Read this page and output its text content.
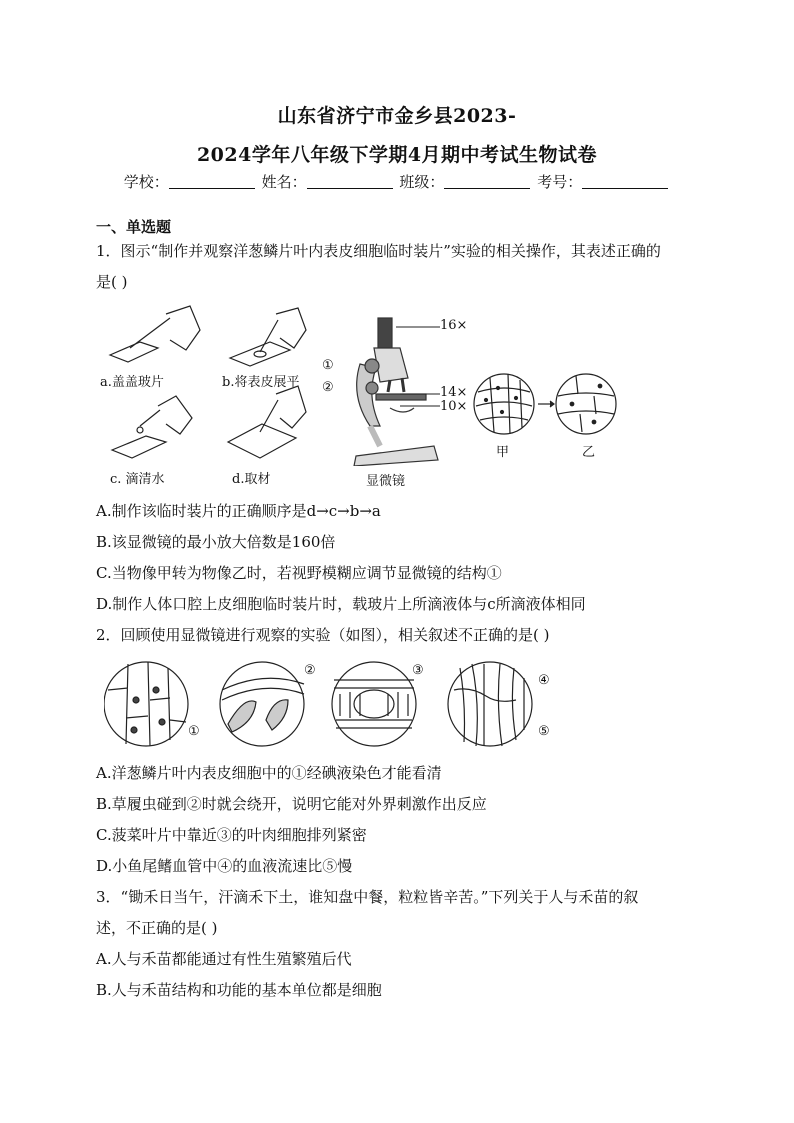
山东省济宁市金乡县2023-
2024学年八年级下学期4月期中考试生物试卷
学校：	姓名：	班级：	考号：
一、单选题
1．图示“制作并观察洋葱鳞片叶内表皮细胞临时装片”实验的相关操作，其表述正确的
是( )
a.盖盖玻片	b.将表皮展平
c. 滴清水	d.取材
16×
14×
10×
①
②
显微镜
甲	乙
A.制作该临时装片的正确顺序是d→c→b→a
B.该显微镜的最小放大倍数是160倍
C.当物像甲转为物像乙时，若视野模糊应调节显微镜的结构①
D.制作人体口腔上皮细胞临时装片时，载玻片上所滴液体与c所滴液体相同
2．回顾使用显微镜进行观察的实验（如图），相关叙述不正确的是( )
①
②	③
④
⑤
A.洋葱鳞片叶内表皮细胞中的①经碘液染色才能看清
B.草履虫碰到②时就会绕开，说明它能对外界刺激作出反应
C.菠菜叶片中靠近③的叶肉细胞排列紧密
D.小鱼尾鳍血管中④的血液流速比⑤慢
3．“锄禾日当午，汗滴禾下土，谁知盘中餐，粒粒皆辛苦。”下列关于人与禾苗的叙
述，不正确的是( )
A.人与禾苗都能通过有性生殖繁殖后代
B.人与禾苗结构和功能的基本单位都是细胞
